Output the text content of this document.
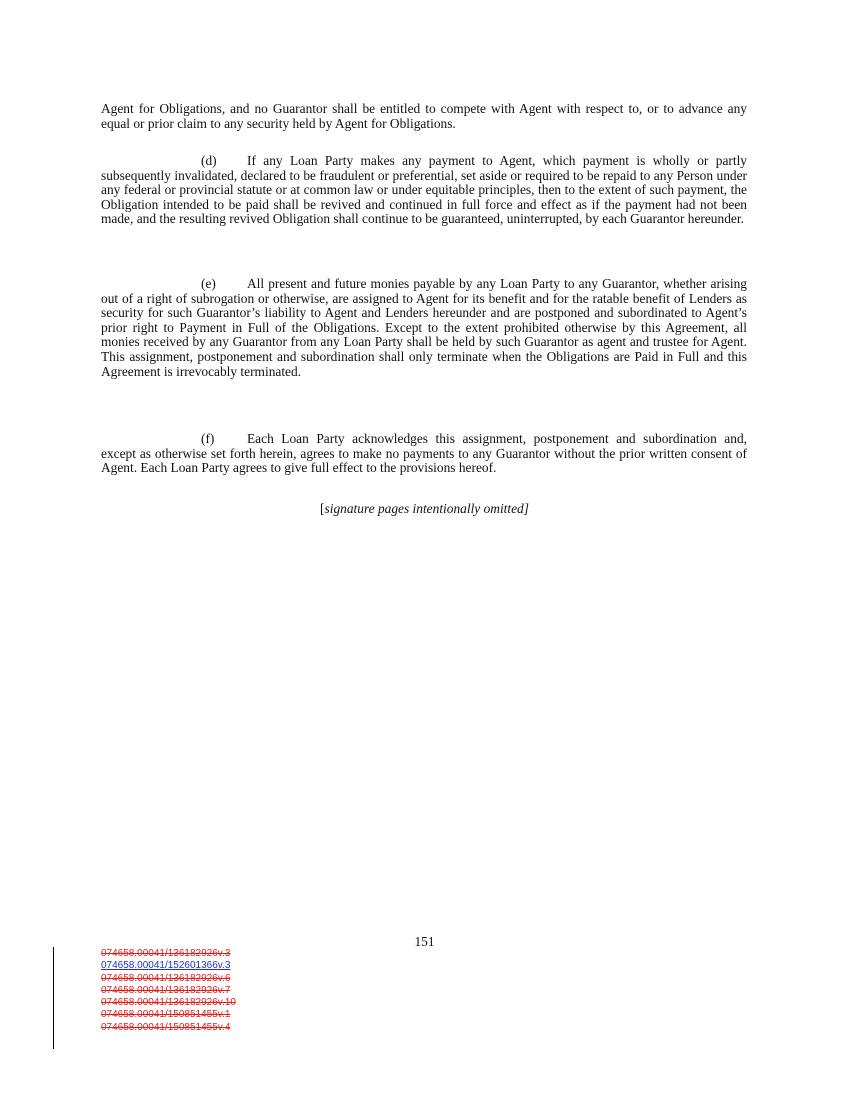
Agent for Obligations, and no Guarantor shall be entitled to compete with Agent with respect to, or to advance any equal or prior claim to any security held by Agent for Obligations.

(d) If any Loan Party makes any payment to Agent, which payment is wholly or partly subsequently invalidated, declared to be fraudulent or preferential, set aside or required to be repaid to any Person under any federal or provincial statute or at common law or under equitable principles, then to the extent of such payment, the Obligation intended to be paid shall be revived and continued in full force and effect as if the payment had not been made, and the resulting revived Obligation shall continue to be guaranteed, uninterrupted, by each Guarantor hereunder.

(e) All present and future monies payable by any Loan Party to any Guarantor, whether arising out of a right of subrogation or otherwise, are assigned to Agent for its benefit and for the ratable benefit of Lenders as security for such Guarantor’s liability to Agent and Lenders hereunder and are postponed and subordinated to Agent’s prior right to Payment in Full of the Obligations. Except to the extent prohibited otherwise by this Agreement, all monies received by any Guarantor from any Loan Party shall be held by such Guarantor as agent and trustee for Agent. This assignment, postponement and subordination shall only terminate when the Obligations are Paid in Full and this Agreement is irrevocably terminated.

(f) Each Loan Party acknowledges this assignment, postponement and subordination and, except as otherwise set forth herein, agrees to make no payments to any Guarantor without the prior written consent of Agent. Each Loan Party agrees to give full effect to the provisions hereof.

[signature pages intentionally omitted]
151
074658.00041/136182926v.3
074658.00041/152601366v.3
074658.00041/136182926v.6
074658.00041/136182926v.7
074658.00041/136182926v.10
074658.00041/150851455v.1
074658.00041/150851455v.4
